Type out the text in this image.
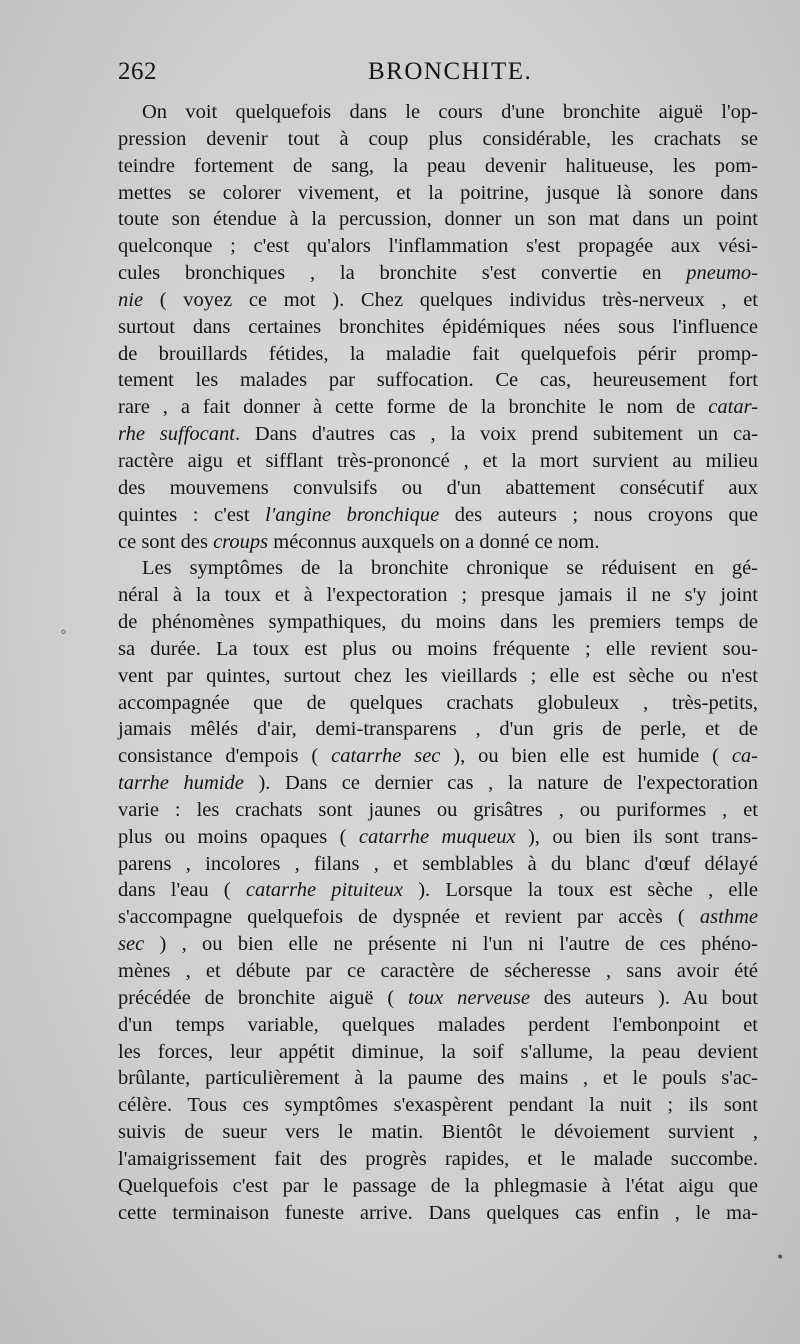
262	BRONCHITE.
°
•
On voit quelquefois dans le cours d'une bronchite aiguë l'op-
pression devenir tout à coup plus considérable, les crachats se
teindre fortement de sang, la peau devenir halitueuse, les pom-
mettes se colorer vivement, et la poitrine, jusque là sonore dans
toute son étendue à la percussion, donner un son mat dans un point
quelconque ; c'est qu'alors l'inflammation s'est propagée aux vési-
cules bronchiques , la bronchite s'est convertie en pneumo-
nie ( voyez ce mot ). Chez quelques individus très-nerveux , et
surtout dans certaines bronchites épidémiques nées sous l'influence
de brouillards fétides, la maladie fait quelquefois périr promp-
tement les malades par suffocation. Ce cas, heureusement fort
rare , a fait donner à cette forme de la bronchite le nom de catar-
rhe suffocant. Dans d'autres cas , la voix prend subitement un ca-
ractère aigu et sifflant très-prononcé , et la mort survient au milieu
des mouvemens convulsifs ou d'un abattement consécutif aux
quintes : c'est l'angine bronchique des auteurs ; nous croyons que
ce sont des croups méconnus auxquels on a donné ce nom.
Les symptômes de la bronchite chronique se réduisent en gé-
néral à la toux et à l'expectoration ; presque jamais il ne s'y joint
de phénomènes sympathiques, du moins dans les premiers temps de
sa durée. La toux est plus ou moins fréquente ; elle revient sou-
vent par quintes, surtout chez les vieillards ; elle est sèche ou n'est
accompagnée que de quelques crachats globuleux , très-petits,
jamais mêlés d'air, demi-transparens , d'un gris de perle, et de
consistance d'empois ( catarrhe sec ), ou bien elle est humide ( ca-
tarrhe humide ). Dans ce dernier cas , la nature de l'expectoration
varie : les crachats sont jaunes ou grisâtres , ou puriformes , et
plus ou moins opaques ( catarrhe muqueux ), ou bien ils sont trans-
parens , incolores , filans , et semblables à du blanc d'œuf délayé
dans l'eau ( catarrhe pituiteux ). Lorsque la toux est sèche , elle
s'accompagne quelquefois de dyspnée et revient par accès ( asthme
sec ) , ou bien elle ne présente ni l'un ni l'autre de ces phéno-
mènes , et débute par ce caractère de sécheresse , sans avoir été
précédée de bronchite aiguë ( toux nerveuse des auteurs ). Au bout
d'un temps variable, quelques malades perdent l'embonpoint et
les forces, leur appétit diminue, la soif s'allume, la peau devient
brûlante, particulièrement à la paume des mains , et le pouls s'ac-
célère. Tous ces symptômes s'exaspèrent pendant la nuit ; ils sont
suivis de sueur vers le matin. Bientôt le dévoiement survient ,
l'amaigrissement fait des progrès rapides, et le malade succombe.
Quelquefois c'est par le passage de la phlegmasie à l'état aigu que
cette terminaison funeste arrive. Dans quelques cas enfin , le ma-
